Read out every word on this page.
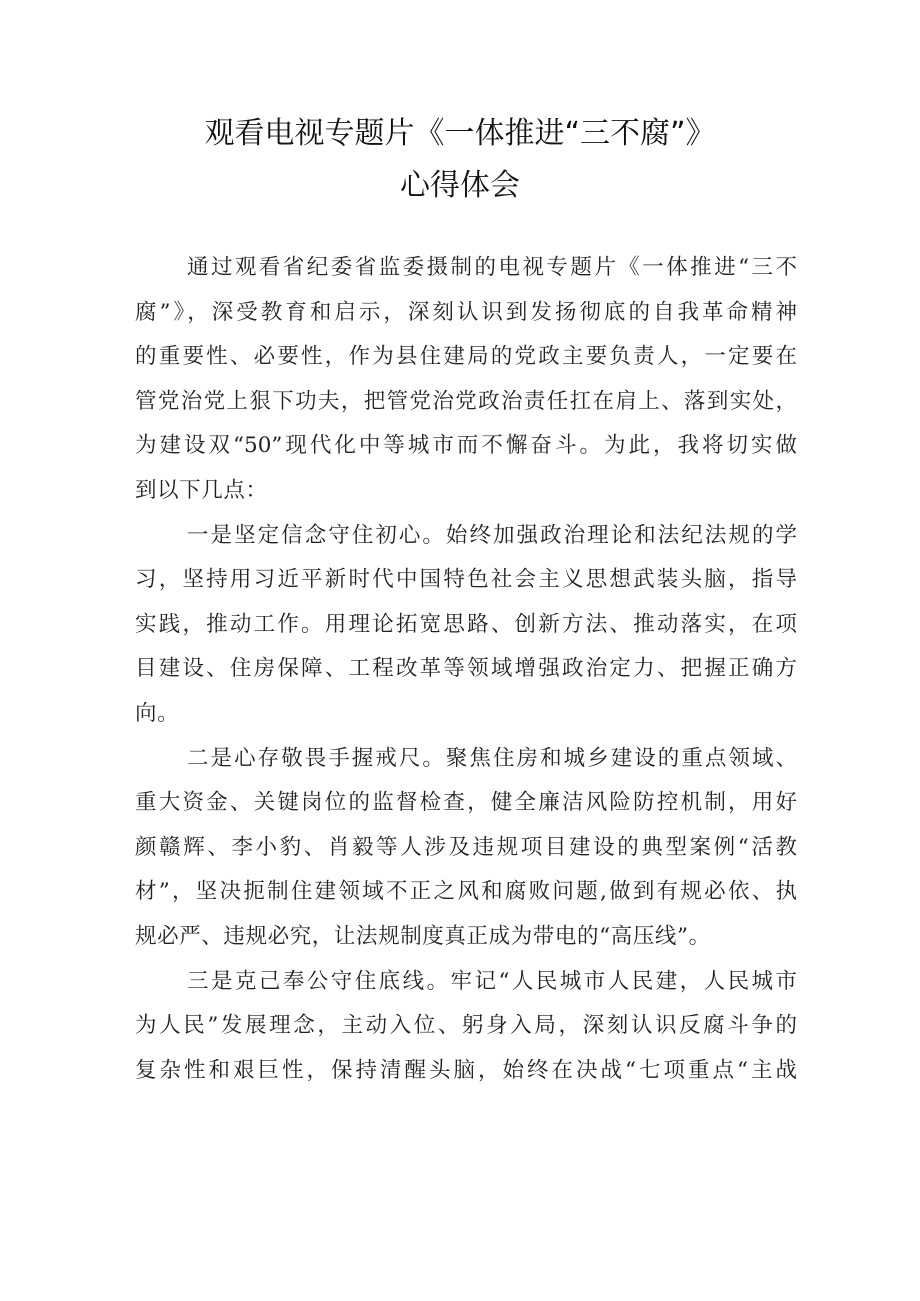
观看电视专题片《一体推进“三不腐”》
心得体会
通过观看省纪委省监委摄制的电视专题片《一体推进“三不
腐”》，深受教育和启示，深刻认识到发扬彻底的自我革命精神
的重要性、必要性，作为县住建局的党政主要负责人，一定要在
管党治党上狠下功夫，把管党治党政治责任扛在肩上、落到实处，
为建设双“50”现代化中等城市而不懈奋斗。为此，我将切实做
到以下几点：
一是坚定信念守住初心。始终加强政治理论和法纪法规的学
习，坚持用习近平新时代中国特色社会主义思想武装头脑，指导
实践，推动工作。用理论拓宽思路、创新方法、推动落实，在项
目建设、住房保障、工程改革等领域增强政治定力、把握正确方
向。
二是心存敬畏手握戒尺。聚焦住房和城乡建设的重点领域、
重大资金、关键岗位的监督检查，健全廉洁风险防控机制，用好
颜赣辉、李小豹、肖毅等人涉及违规项目建设的典型案例“活教
材”，坚决扼制住建领域不正之风和腐败问题,做到有规必依、执
规必严、违规必究，让法规制度真正成为带电的“高压线”。
三是克己奉公守住底线。牢记“人民城市人民建，人民城市
为人民”发展理念，主动入位、躬身入局，深刻认识反腐斗争的
复杂性和艰巨性，保持清醒头脑，始终在决战“七项重点“主战
